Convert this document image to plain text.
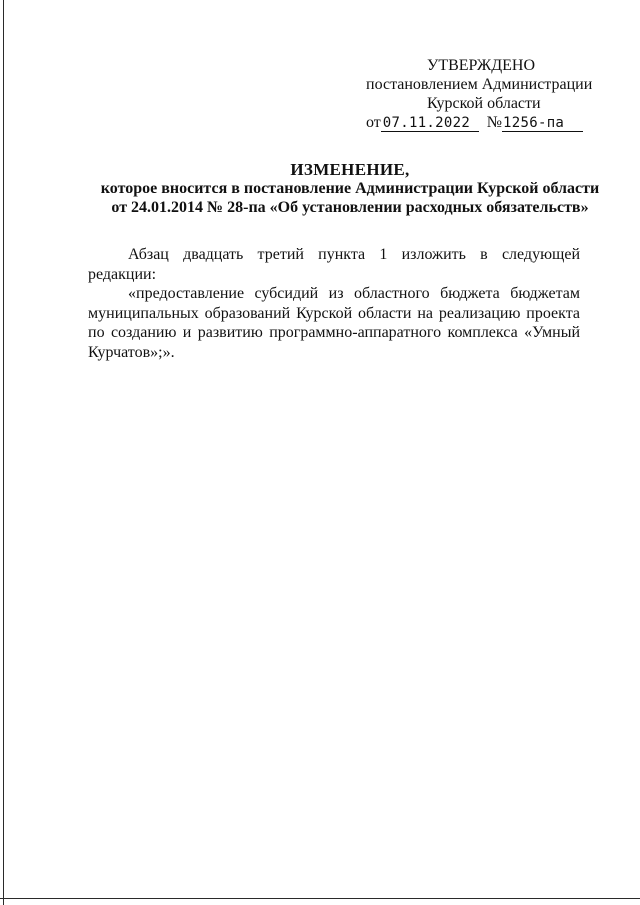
УТВЕРЖДЕНО
постановлением Администрации
Курской области
от 07.11.2022 №1256-па
ИЗМЕНЕНИЕ,
которое вносится в постановление Администрации Курской области
от 24.01.2014 № 28-па «Об установлении расходных обязательств»

Абзац двадцать третий пункта 1 изложить в следующей редакции:

«предоставление субсидий из областного бюджета бюджетам муниципальных образований Курской области на реализацию проекта по созданию и развитию программно-аппаратного комплекса «Умный Курчатов»;».
